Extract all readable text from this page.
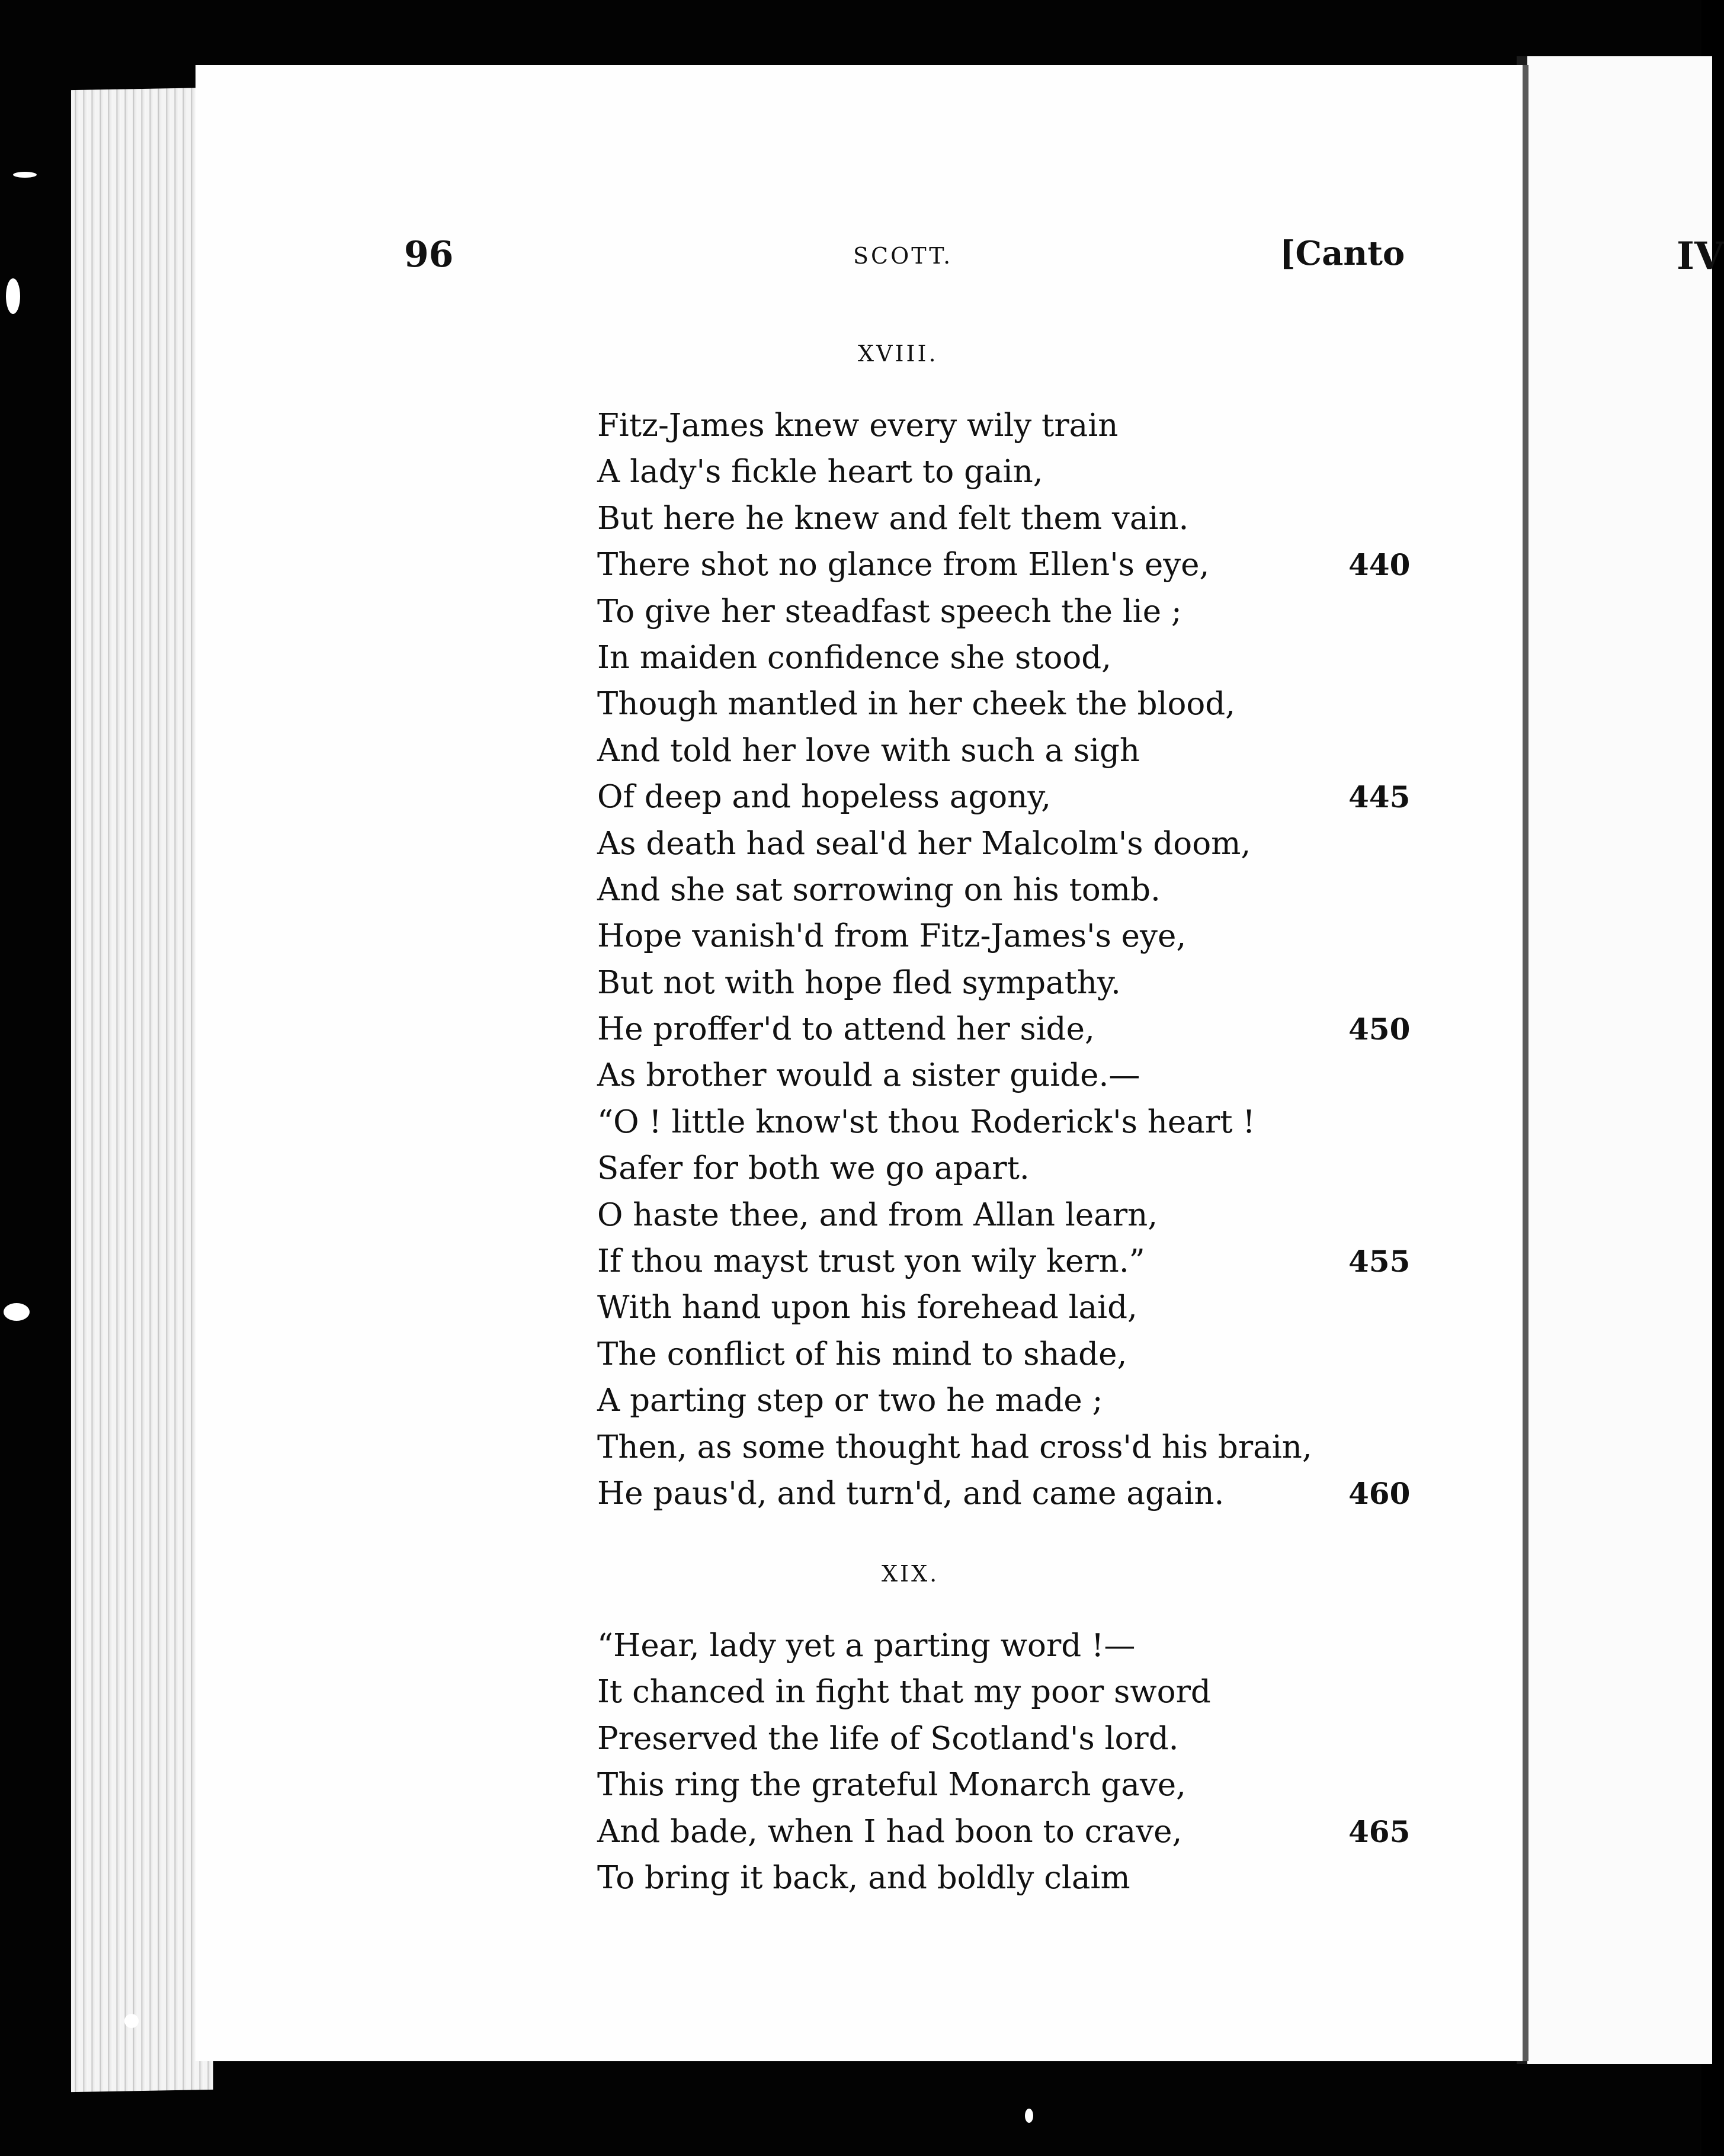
IV
96	SCOTT.	[Canto
XVIII.
Fitz-James knew every wily train
A lady's fickle heart to gain,
But here he knew and felt them vain.
There shot no glance from Ellen's eye,	440
To give her steadfast speech the lie ;
In maiden confidence she stood,
Though mantled in her cheek the blood,
And told her love with such a sigh
Of deep and hopeless agony,	445
As death had seal'd her Malcolm's doom,
And she sat sorrowing on his tomb.
Hope vanish'd from Fitz-James's eye,
But not with hope fled sympathy.
He proffer'd to attend her side,	450
As brother would a sister guide.—
“O ! little know'st thou Roderick's heart !
Safer for both we go apart.
O haste thee, and from Allan learn,
If thou mayst trust yon wily kern.”	455
With hand upon his forehead laid,
The conflict of his mind to shade,
A parting step or two he made ;
Then, as some thought had cross'd his brain,
He paus'd, and turn'd, and came again.	460
XIX.
“Hear, lady yet a parting word !—
It chanced in fight that my poor sword
Preserved the life of Scotland's lord.
This ring the grateful Monarch gave,
And bade, when I had boon to crave,	465
To bring it back, and boldly claim
